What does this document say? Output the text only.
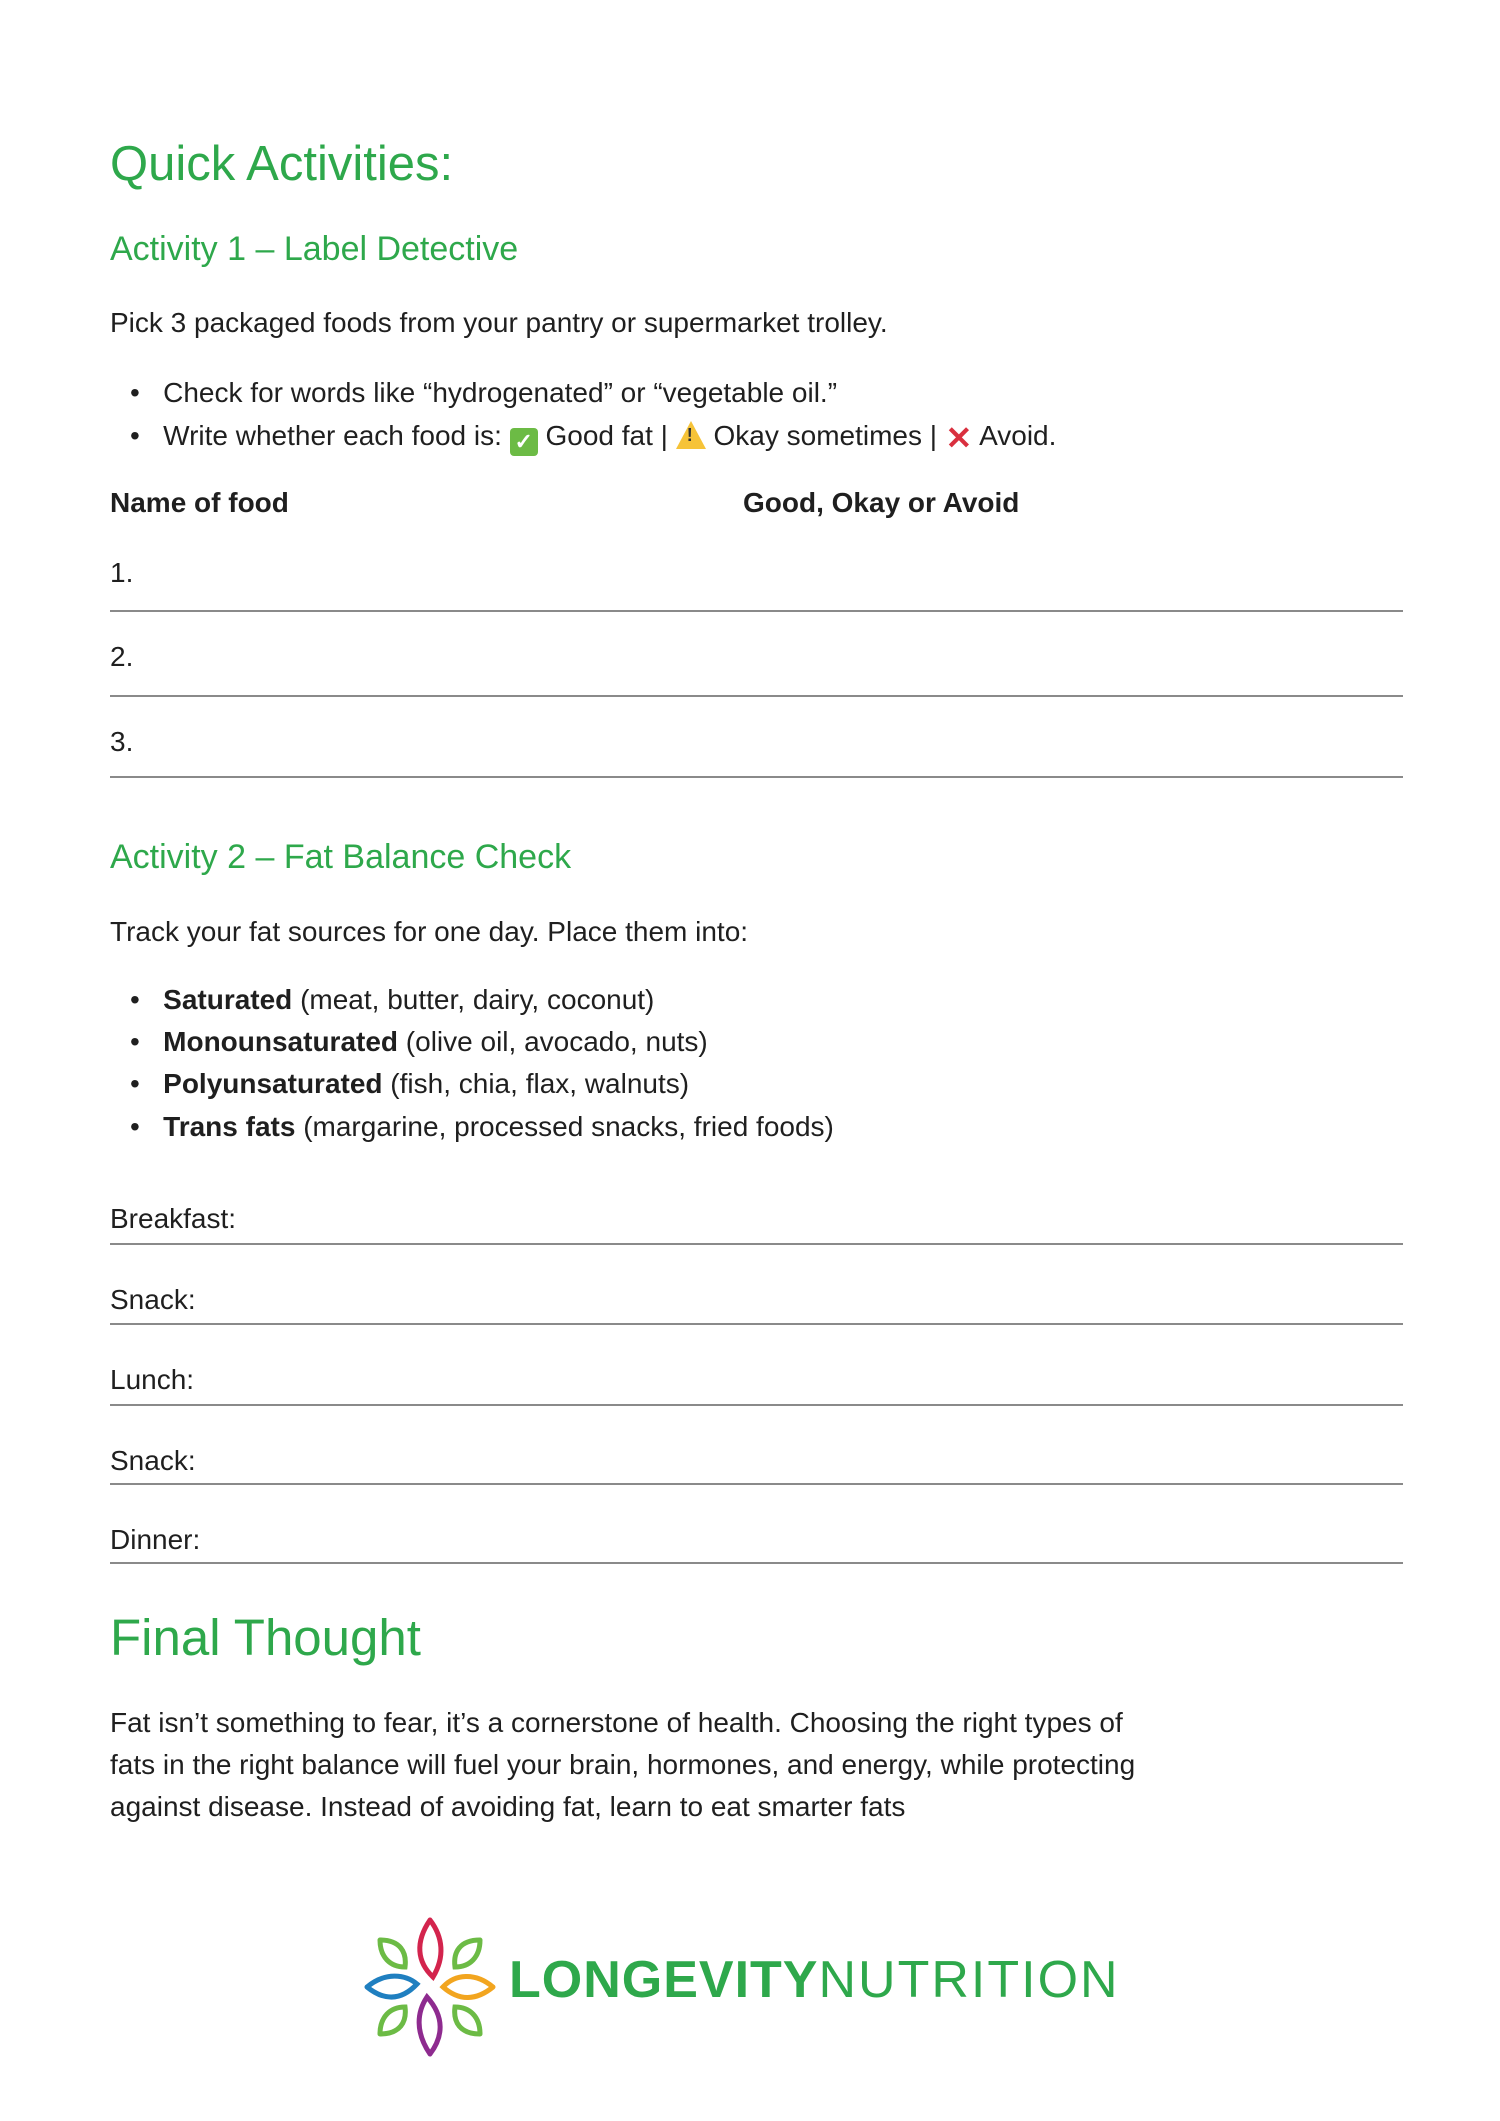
Quick Activities:
Activity 1 – Label Detective
Pick 3 packaged foods from your pantry or supermarket trolley.
•   Check for words like “hydrogenated” or “vegetable oil.”
•   Write whether each food is: ✓ Good fat | ! Okay sometimes | ✕ Avoid.
Name of food	Good, Okay or Avoid
1.
2.
3.
Activity 2 – Fat Balance Check
Track your fat sources for one day. Place them into:
•   Saturated (meat, butter, dairy, coconut)
•   Monounsaturated (olive oil, avocado, nuts)
•   Polyunsaturated (fish, chia, flax, walnuts)
•   Trans fats (margarine, processed snacks, fried foods)
Breakfast:
Snack:
Lunch:
Snack:
Dinner:
Final Thought
Fat isn’t something to fear, it’s a cornerstone of health. Choosing the right types of
fats in the right balance will fuel your brain, hormones, and energy, while protecting
against disease. Instead of avoiding fat, learn to eat smarter fats
LONGEVITYNUTRITION
